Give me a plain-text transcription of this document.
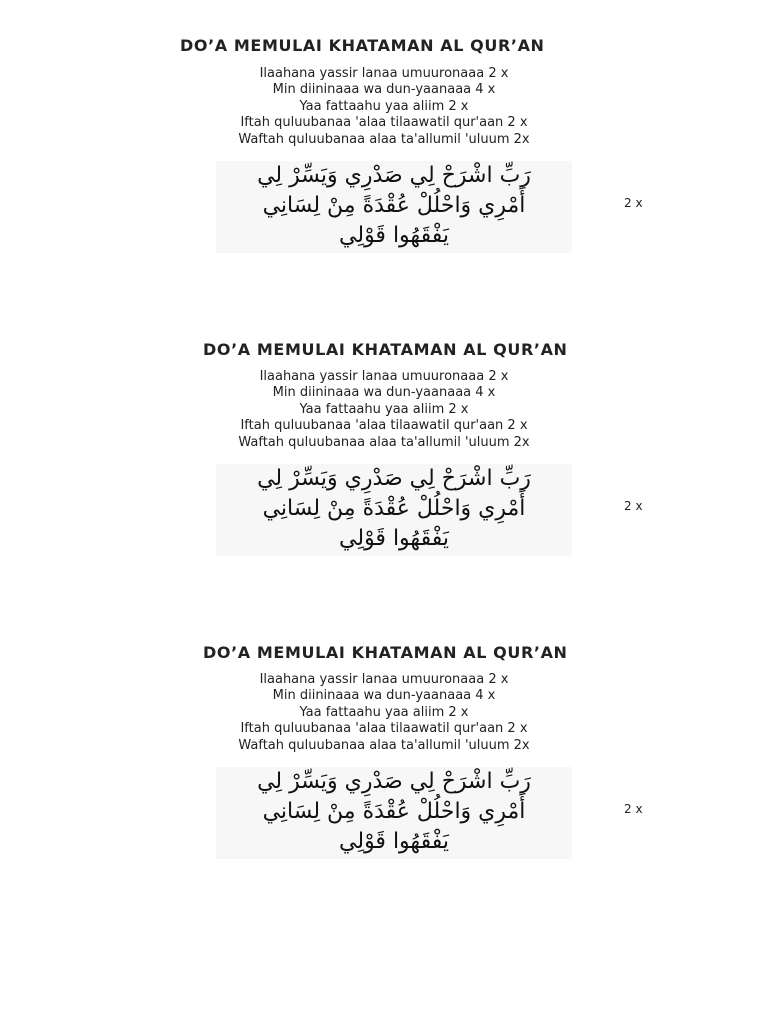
DO’A MEMULAI KHATAMAN AL QUR’AN
Ilaahana yassir lanaa umuuronaaa 2 x
Min diininaaa wa dun-yaanaaa 4 x
Yaa fattaahu yaa aliim 2 x
Iftah quluubanaa 'alaa tilaawatil qur'aan 2 x
Waftah quluubanaa alaa ta'allumil 'uluum 2x
رَبِّ اشْرَحْ لِي صَدْرِي وَيَسِّرْ لِي
أَمْرِي وَاحْلُلْ عُقْدَةً مِنْ لِسَانِي
يَفْقَهُوا قَوْلِي
2 x
DO’A MEMULAI KHATAMAN AL QUR’AN
Ilaahana yassir lanaa umuuronaaa 2 x
Min diininaaa wa dun-yaanaaa 4 x
Yaa fattaahu yaa aliim 2 x
Iftah quluubanaa 'alaa tilaawatil qur'aan 2 x
Waftah quluubanaa alaa ta'allumil 'uluum 2x
رَبِّ اشْرَحْ لِي صَدْرِي وَيَسِّرْ لِي
أَمْرِي وَاحْلُلْ عُقْدَةً مِنْ لِسَانِي
يَفْقَهُوا قَوْلِي
2 x
DO’A MEMULAI KHATAMAN AL QUR’AN
Ilaahana yassir lanaa umuuronaaa 2 x
Min diininaaa wa dun-yaanaaa 4 x
Yaa fattaahu yaa aliim 2 x
Iftah quluubanaa 'alaa tilaawatil qur'aan 2 x
Waftah quluubanaa alaa ta'allumil 'uluum 2x
رَبِّ اشْرَحْ لِي صَدْرِي وَيَسِّرْ لِي
أَمْرِي وَاحْلُلْ عُقْدَةً مِنْ لِسَانِي
يَفْقَهُوا قَوْلِي
2 x
